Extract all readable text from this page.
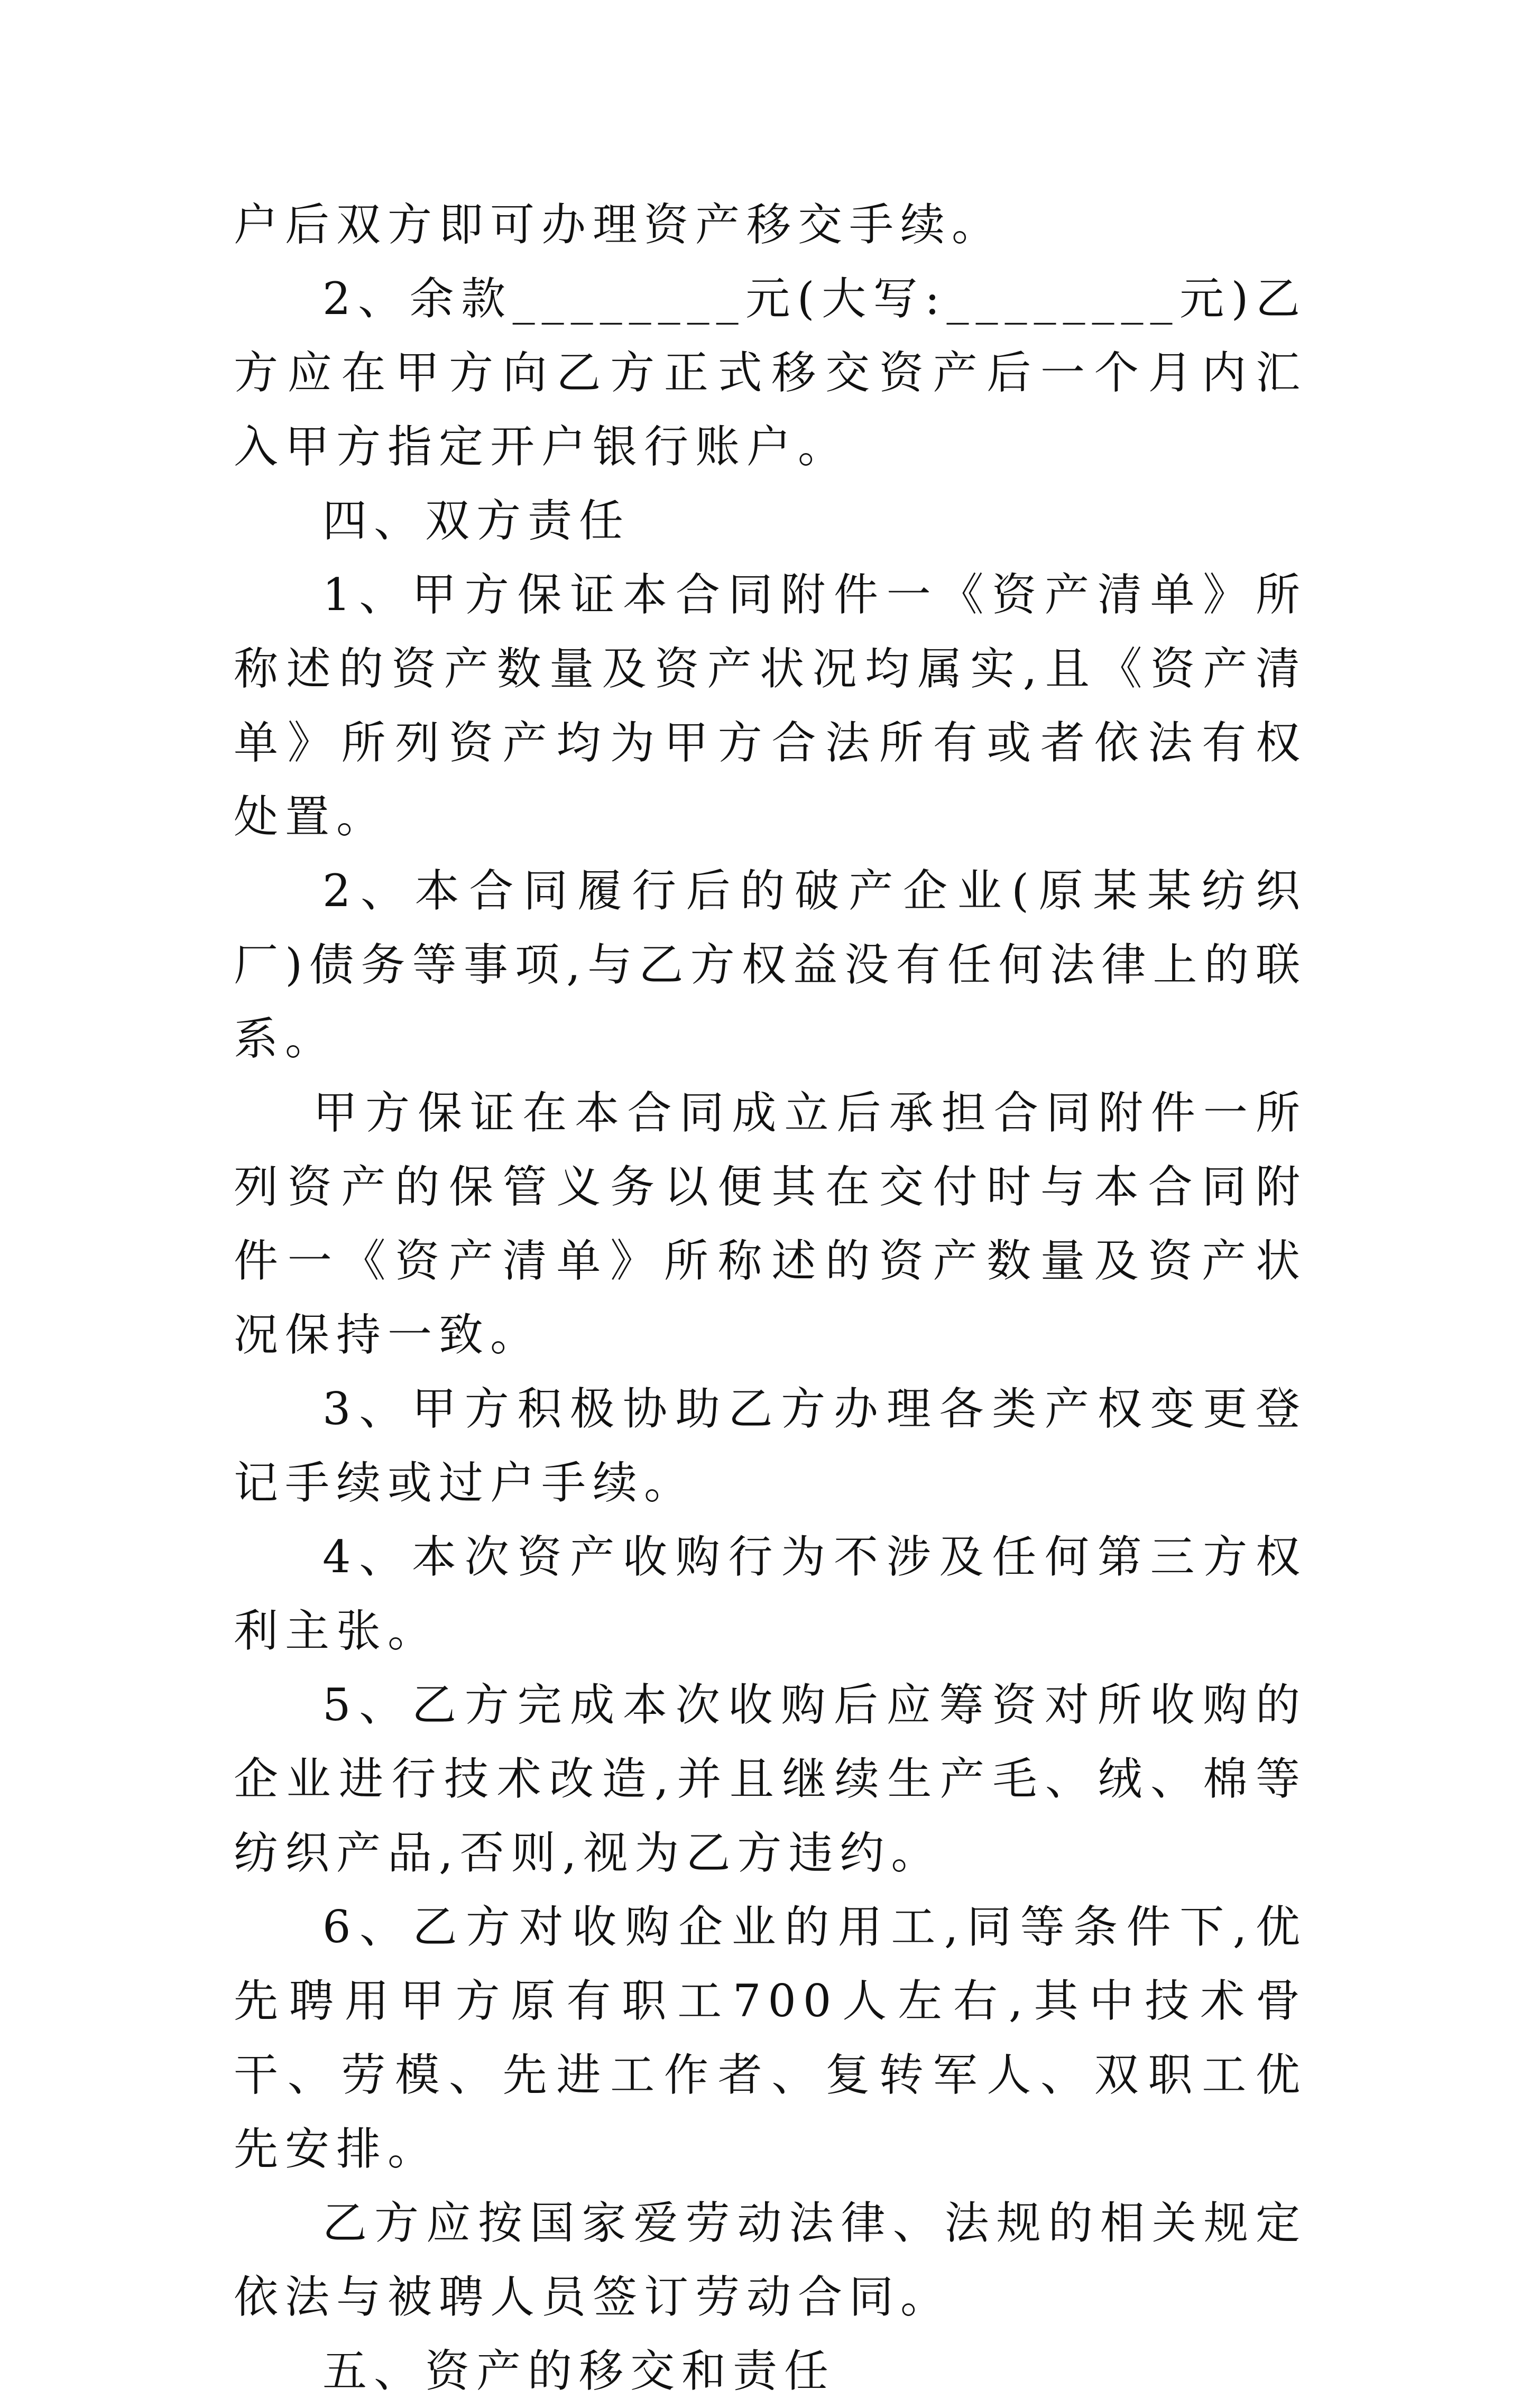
户后双方即可办理资产移交手续。

2、余款________元(大写:________元)乙方应在甲方向乙方正式移交资产后一个月内汇入甲方指定开户银行账户。

四、双方责任

1、甲方保证本合同附件一《资产清单》所称述的资产数量及资产状况均属实,且《资产清单》所列资产均为甲方合法所有或者依法有权处置。

2、本合同履行后的破产企业(原某某纺织厂)债务等事项,与乙方权益没有任何法律上的联系。

甲方保证在本合同成立后承担合同附件一所列资产的保管义务以便其在交付时与本合同附件一《资产清单》所称述的资产数量及资产状况保持一致。

3、甲方积极协助乙方办理各类产权变更登记手续或过户手续。

4、本次资产收购行为不涉及任何第三方权利主张。

5、乙方完成本次收购后应筹资对所收购的企业进行技术改造,并且继续生产毛、绒、棉等纺织产品,否则,视为乙方违约。

6、乙方对收购企业的用工,同等条件下,优先聘用甲方原有职工700人左右,其中技术骨干、劳模、先进工作者、复转军人、双职工优先安排。

乙方应按国家爱劳动法律、法规的相关规定依法与被聘人员签订劳动合同。

五、资产的移交和责任
